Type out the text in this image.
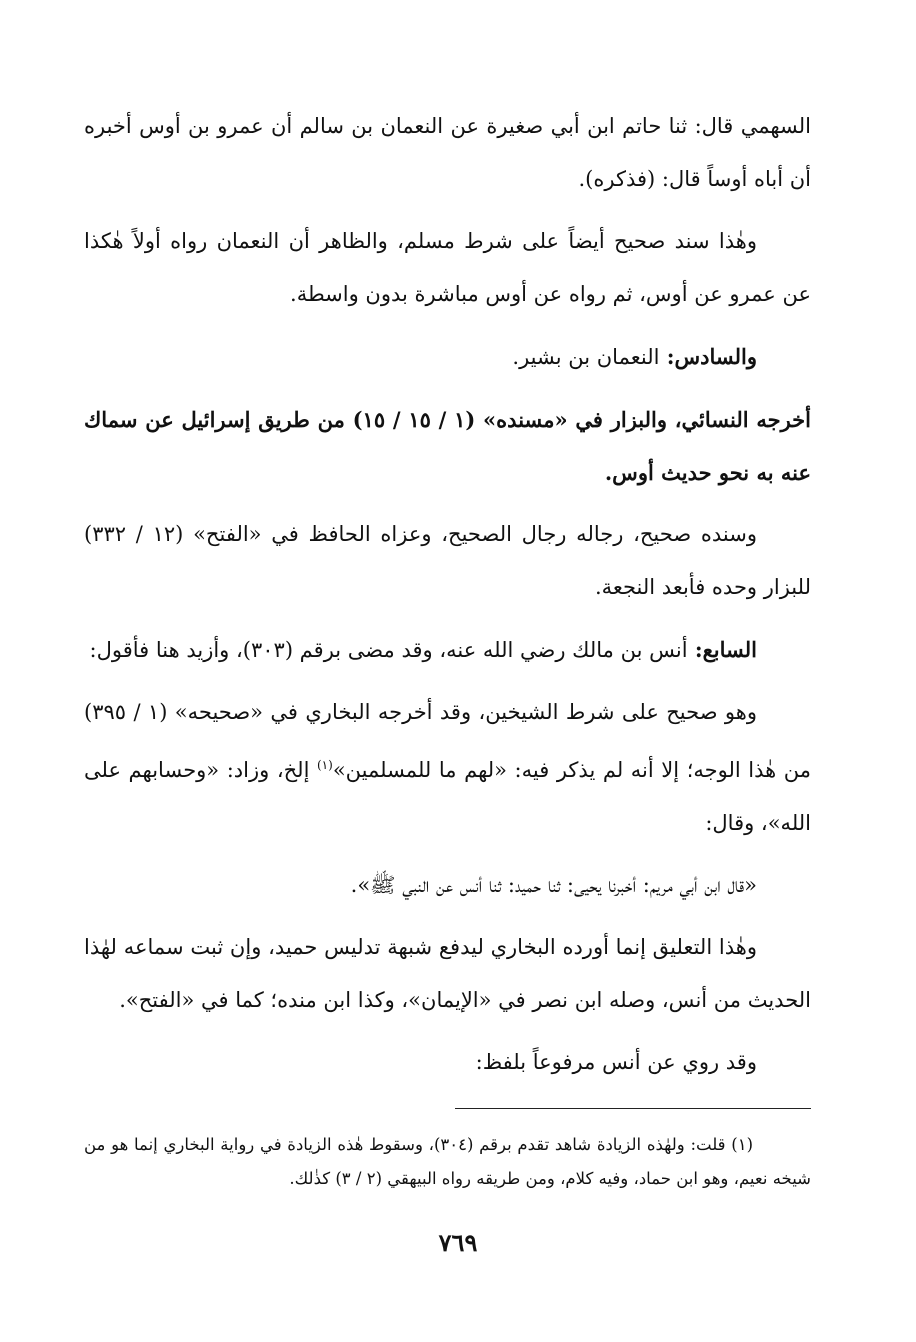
السهمي قال: ثنا حاتم ابن أبي صغيرة عن النعمان بن سالم أن عمرو بن أوس أخبره أن أباه أوساً قال: (فذكره).

وهٰذا سند صحيح أيضاً على شرط مسلم، والظاهر أن النعمان رواه أولاً هٰكذا عن عمرو عن أوس، ثم رواه عن أوس مباشرة بدون واسطة.

والسادس: النعمان بن بشير.

أخرجه النسائي، والبزار في «مسنده» (١ / ١٥ / ١٥) من طريق إسرائيل عن سماك عنه به نحو حديث أوس.

وسنده صحيح، رجاله رجال الصحيح، وعزاه الحافظ في «الفتح» (١٢ / ٣٣٢) للبزار وحده فأبعد النجعة.

السابع: أنس بن مالك رضي الله عنه، وقد مضى برقم (٣٠٣)، وأزيد هنا فأقول:

وهو صحيح على شرط الشيخين، وقد أخرجه البخاري في «صحيحه» (١ / ٣٩٥) من هٰذا الوجه؛ إلا أنه لم يذكر فيه: «لهم ما للمسلمين»$^{(١)}$ إلخ، وزاد: «وحسابهم على الله»، وقال:

«قال ابن أبي مريم: أخبرنا يحيى: ثنا حميد: ثنا أنس عن النبي ﷺ».

وهٰذا التعليق إنما أورده البخاري ليدفع شبهة تدليس حميد، وإن ثبت سماعه لهٰذا الحديث من أنس، وصله ابن نصر في «الإيمان»، وكذا ابن منده؛ كما في «الفتح».

وقد روي عن أنس مرفوعاً بلفظ:

(١) قلت: ولهٰذه الزيادة شاهد تقدم برقم (٣٠٤)، وسقوط هٰذه الزيادة في رواية البخاري إنما هو من شيخه نعيم، وهو ابن حماد، وفيه كلام، ومن طريقه رواه البيهقي (٢ / ٣) كذٰلك.

٧٦٩
